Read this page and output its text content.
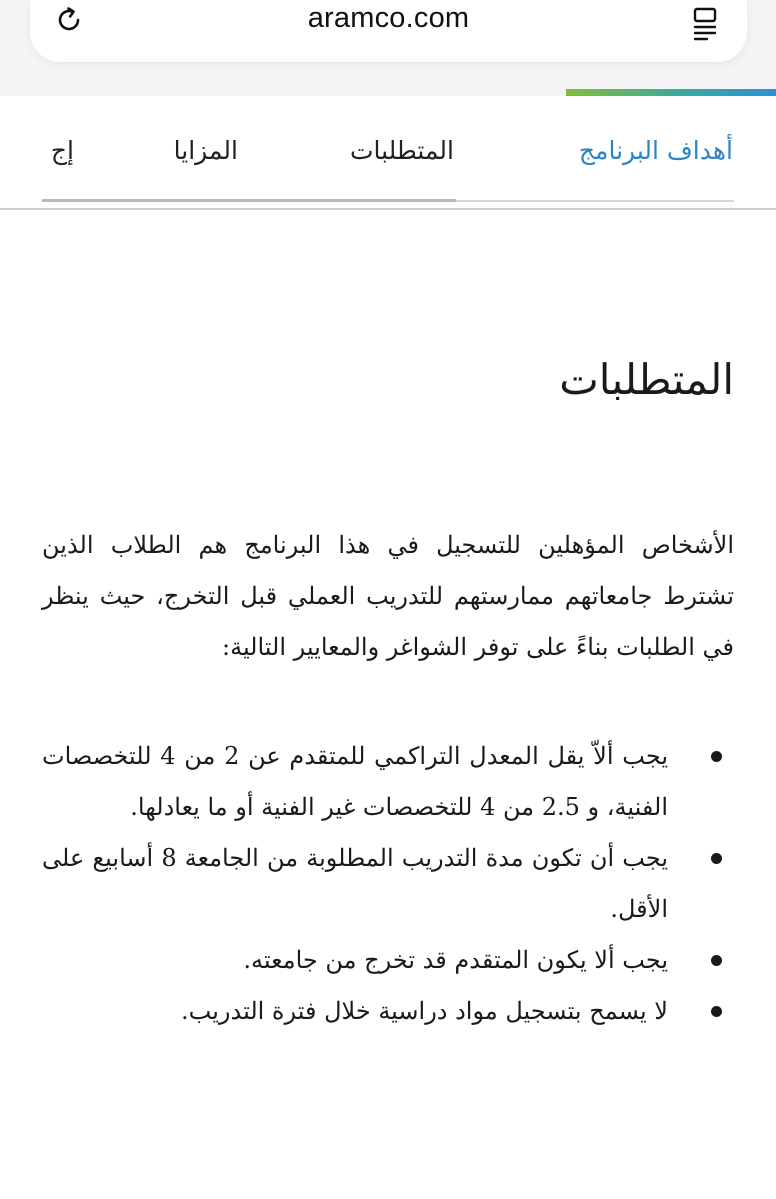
aramco.com
أهداف البرنامج
المتطلبات
المزايا
إج
المتطلبات

الأشخاص المؤهلين للتسجيل في هذا البرنامج هم الطلاب الذين تشترط جامعاتهم ممارستهم للتدريب العملي قبل التخرج، حيث ينظر في الطلبات بناءً على توفر الشواغر والمعايير التالية:

يجب ألاّ يقل المعدل التراكمي للمتقدم عن 2 من 4 للتخصصات الفنية، و 2.5 من 4 للتخصصات غير الفنية أو ما يعادلها.
يجب أن تكون مدة التدريب المطلوبة من الجامعة 8 أسابيع على الأقل.
يجب ألا يكون المتقدم قد تخرج من جامعته.
لا يسمح بتسجيل مواد دراسية خلال فترة التدريب.
